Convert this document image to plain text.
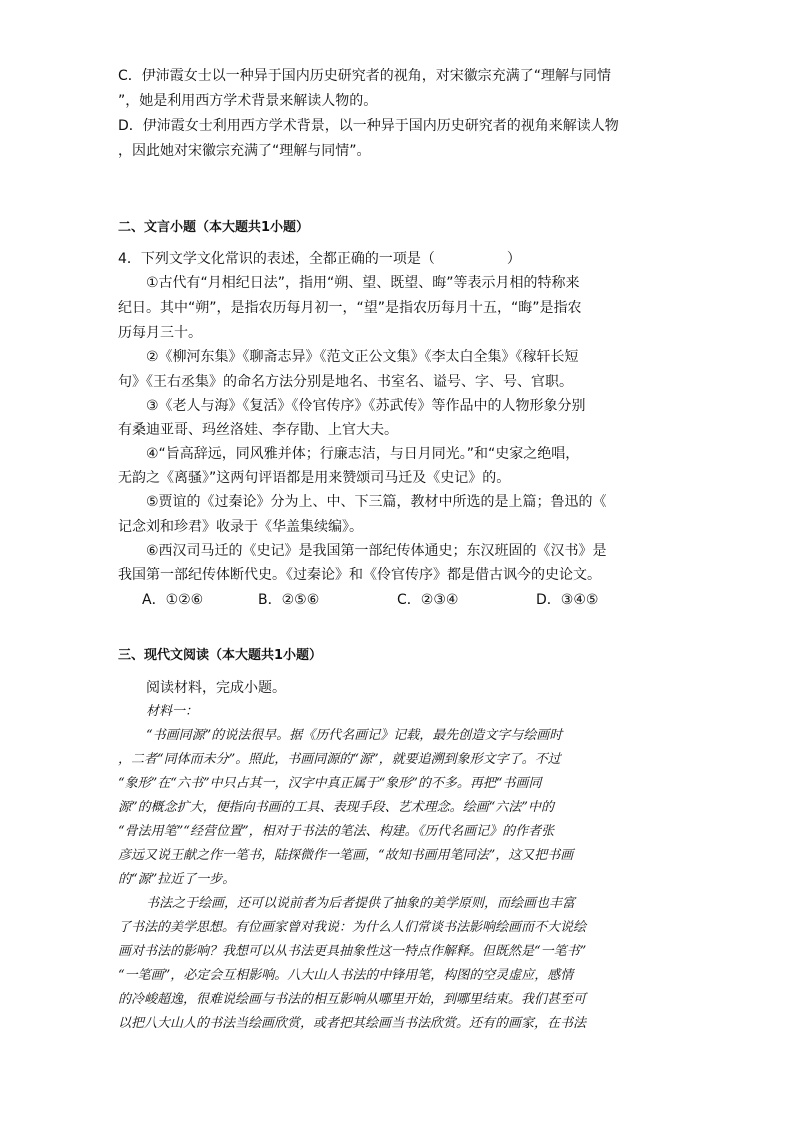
C．伊沛霞女士以一种异于国内历史研究者的视角，对宋徽宗充满了“理解与同情
”，她是利用西方学术背景来解读人物的。
D．伊沛霞女士利用西方学术背景，以一种异于国内历史研究者的视角来解读人物
，因此她对宋徽宗充满了“理解与同情”。
二、文言小题（本大题共1小题）
4．下列文学文化常识的表述，全都正确的一项是（	）
①古代有“月相纪日法”，指用“朔、望、既望、晦”等表示月相的特称来
纪日。其中“朔”，是指农历每月初一，“望”是指农历每月十五，“晦”是指农
历每月三十。
②《柳河东集》《聊斋志异》《范文正公文集》《李太白全集》《稼轩长短
句》《王右丞集》的命名方法分别是地名、书室名、谥号、字、号、官职。
③《老人与海》《复活》《伶官传序》《苏武传》等作品中的人物形象分别
有桑迪亚哥、玛丝洛娃、李存勖、上官大夫。
④“旨高辞远，同风雅并体；行廉志洁，与日月同光。”和“史家之绝唱，
无韵之《离骚》”这两句评语都是用来赞颂司马迁及《史记》的。
⑤贾谊的《过秦论》分为上、中、下三篇，教材中所选的是上篇；鲁迅的《
记念刘和珍君》收录于《华盖集续编》。
⑥西汉司马迁的《史记》是我国第一部纪传体通史；东汉班固的《汉书》是
我国第一部纪传体断代史。《过秦论》和《伶官传序》都是借古讽今的史论文。
A．①②⑥	B．②⑤⑥	C．②③④	D．③④⑤
三、现代文阅读（本大题共1小题）
阅读材料，完成小题。
材料一：
“书画同源”的说法很早。据《历代名画记》记载，最先创造文字与绘画时
，二者“同体而未分”。照此，书画同源的“源”，就要追溯到象形文字了。不过
“象形”在“六书”中只占其一，汉字中真正属于“象形”的不多。再把“书画同
源”的概念扩大，便指向书画的工具、表现手段、艺术理念。绘画“六法”中的
“骨法用笔”“经营位置”，相对于书法的笔法、构建。《历代名画记》的作者张
彦远又说王献之作一笔书，陆探微作一笔画，“故知书画用笔同法”，这又把书画
的“源”拉近了一步。
书法之于绘画，还可以说前者为后者提供了抽象的美学原则，而绘画也丰富
了书法的美学思想。有位画家曾对我说：为什么人们常谈书法影响绘画而不大说绘
画对书法的影响？我想可以从书法更具抽象性这一特点作解释。但既然是“一笔书”
“一笔画”，必定会互相影响。八大山人书法的中锋用笔，构图的空灵虚应，感情
的冷峻超逸，很难说绘画与书法的相互影响从哪里开始，到哪里结束。我们甚至可
以把八大山人的书法当绘画欣赏，或者把其绘画当书法欣赏。还有的画家，在书法
